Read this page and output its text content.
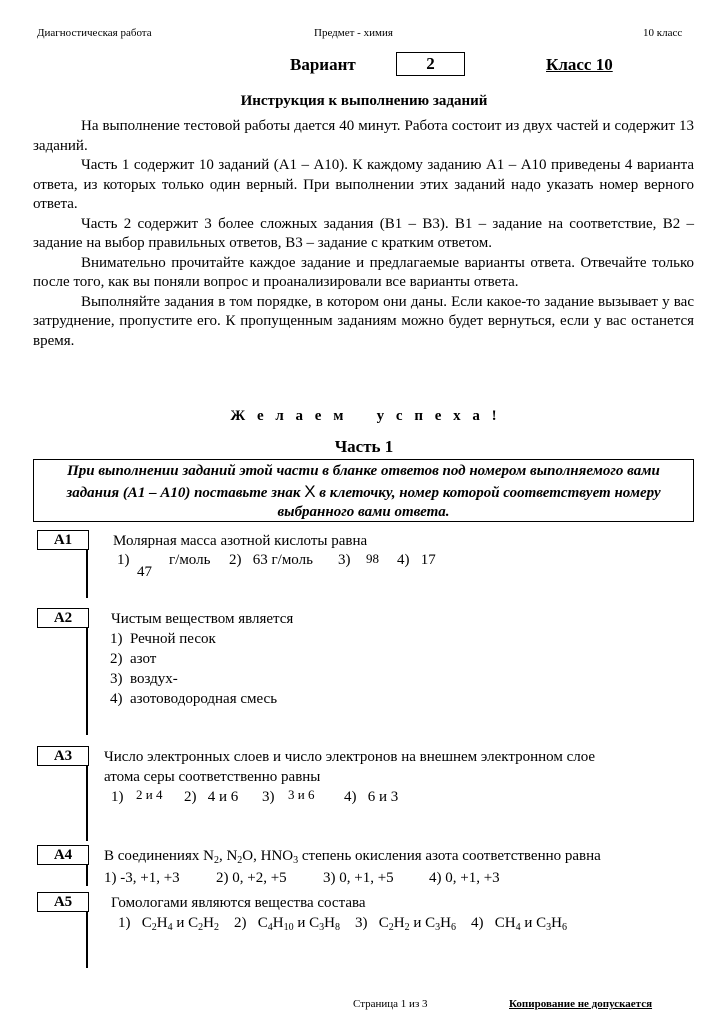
Диагностическая работа	Предмет - химия	10 класс
Вариант	2	Класс 10
Инструкция к выполнению заданий
На выполнение тестовой работы дается 40 минут. Работа состоит из двух частей и содержит 13 заданий.
Часть 1 содержит 10 заданий (А1 – А10). К каждому заданию А1 – А10 приведены 4 варианта ответа, из которых только один верный. При выполнении этих заданий надо указать номер верного ответа.
Часть 2 содержит 3 более сложных задания (В1 – В3). В1 – задание на соответствие, В2 – задание на выбор правильных ответов, В3 – задание с кратким ответом.
Внимательно прочитайте каждое задание и предлагаемые варианты ответа. Отвечайте только после того, как вы поняли вопрос и проанализировали все варианты ответа.
Выполняйте задания в том порядке, в котором они даны. Если какое-то задание вызывает у вас затруднение, пропустите его. К пропущенным заданиям можно будет вернуться, если у вас останется время.
Ж е л а е м   у с п е х а !
Часть 1
При выполнении заданий этой части в бланке ответов под номером выполняемого вами задания (А1 – А10) поставьте знак X в клеточку, номер которой соответствует номеру выбранного вами ответа.
А1	Молярная масса азотной кислоты равна
1)
47
г/моль 2)   63 г/моль 3) 98 4)   17
А2	Чистым веществом является
1)  Речной песок
2)  азот
3)  воздух-
4)  азотоводородная смесь
А3	Число электронных слоев и число электронов на внешнем электронном слое
атома серы соответственно равны
1) 2 и 4 2)   4 и 6 3) 3 и 6 4)   6 и 3
А4	В соединениях $N_2$, $N_2O$, $HNO_3$ степень окисления азота соответственно равна
1) -3, +1, +3 2) 0, +2, +5 3) 0, +1, +5 4) 0, +1, +3
А5	Гомологами являются вещества состава
1) $C_2H_4$ и $C_2H_2$ 2) $C_4H_{10}$ и $C_3H_8$ 3) $C_2H_2$ и $C_3H_6$ 4) $CH_4$ и $C_3H_6$
Страница 1 из 3	Копирование не допускается
